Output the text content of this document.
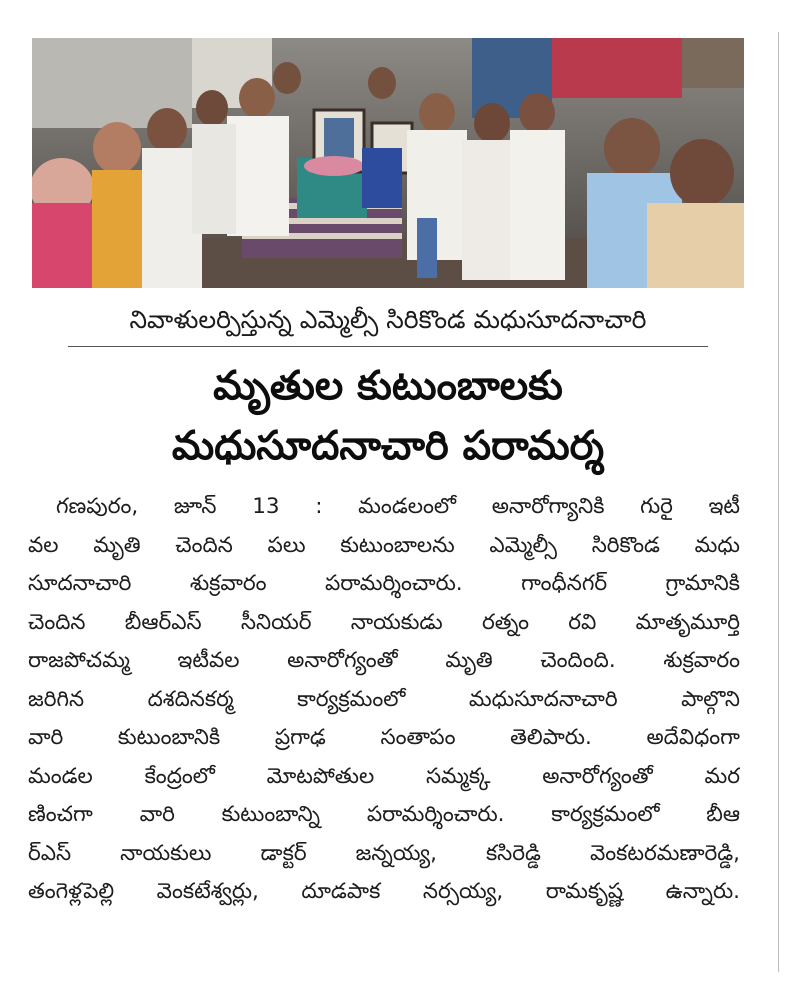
నివాళులర్పిస్తున్న ఎమ్మెల్సీ సిరికొండ మధుసూదనాచారి
మృతుల కుటుంబాలకు
మధుసూదనాచారి పరామర్శ
గణపురం, జూన్ 13 : మండలంలో అనారోగ్యానికి గురై ఇటీ
వల మృతి చెందిన పలు కుటుంబాలను ఎమ్మెల్సీ సిరికొండ మధు
సూదనాచారి శుక్రవారం పరామర్శించారు. గాంధీనగర్ గ్రామానికి
చెందిన బీఆర్ఎస్ సీనియర్ నాయకుడు రత్నం రవి మాతృమూర్తి
రాజపోచమ్మ ఇటీవల అనారోగ్యంతో మృతి చెందింది. శుక్రవారం
జరిగిన దశదినకర్మ కార్యక్రమంలో మధుసూదనాచారి పాల్గొని
వారి కుటుంబానికి ప్రగాఢ సంతాపం తెలిపారు. అదేవిధంగా
మండల కేంద్రంలో మోటపోతుల సమ్మక్క అనారోగ్యంతో మర
ణించగా వారి కుటుంబాన్ని పరామర్శించారు. కార్యక్రమంలో బీఆ
ర్ఎస్ నాయకులు డాక్టర్ జన్నయ్య, కసిరెడ్డి వెంకటరమణారెడ్డి,
తంగెళ్లపెల్లి వెంకటేశ్వర్లు, దూడపాక నర్సయ్య, రామకృష్ణ ఉన్నారు.
